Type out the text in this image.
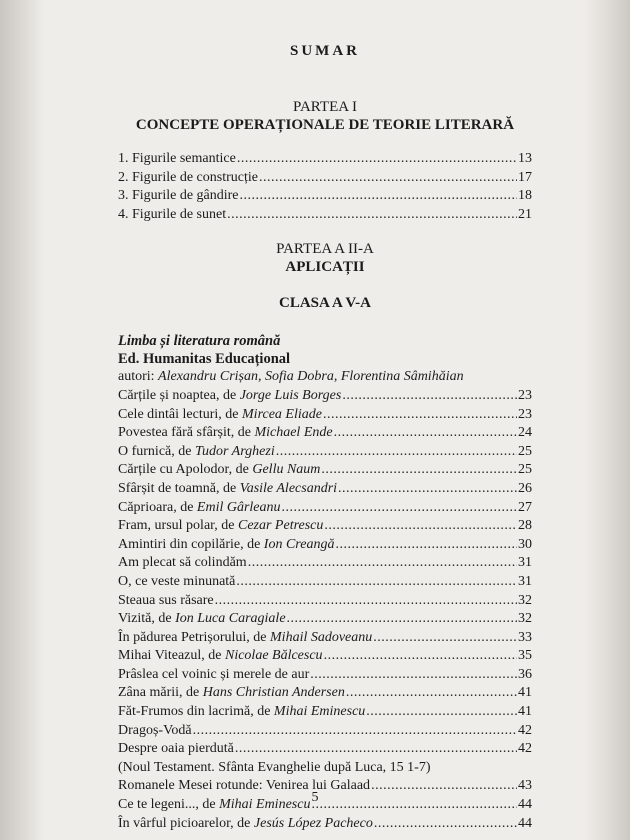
SUMAR
PARTEA I
CONCEPTE OPERAȚIONALE DE TEORIE LITERARĂ
1. Figurile semantice .....	13
2. Figurile de construcție .....	17
3. Figurile de gândire .....	18
4. Figurile de sunet .....	21
PARTEA A II-A
APLICAȚII
CLASA A V-A
Limba și literatura română
Ed. Humanitas Educațional
autori: Alexandru Crișan, Sofia Dobra, Florentina Sâmihăian
Cărțile și noaptea, de Jorge Luis Borges .....	23
Cele dintâi lecturi, de Mircea Eliade .....	23
Povestea fără sfârșit, de Michael Ende .....	24
O furnică, de Tudor Arghezi .....	25
Cărțile cu Apolodor, de Gellu Naum .....	25
Sfârșit de toamnă, de Vasile Alecsandri .....	26
Căprioara, de Emil Gârleanu .....	27
Fram, ursul polar, de Cezar Petrescu .....	28
Amintiri din copilărie, de Ion Creangă .....	30
Am plecat să colindăm .....	31
O, ce veste minunată .....	31
Steaua sus răsare .....	32
Vizită, de Ion Luca Caragiale .....	32
În pădurea Petrișorului, de Mihail Sadoveanu .....	33
Mihai Viteazul, de Nicolae Bălcescu .....	35
Prâslea cel voinic și merele de aur .....	36
Zâna mării, de Hans Christian Andersen .....	41
Făt-Frumos din lacrimă, de Mihai Eminescu .....	41
Dragoș-Vodă .....	42
Despre oaia pierdută .....	42
(Noul Testament. Sfânta Evanghelie după Luca, 15 1-7)
Romanele Mesei rotunde: Venirea lui Galaad .....	43
Ce te legeni..., de Mihai Eminescu .....	44
În vârful picioarelor, de Jesús López Pacheco .....	44
5
